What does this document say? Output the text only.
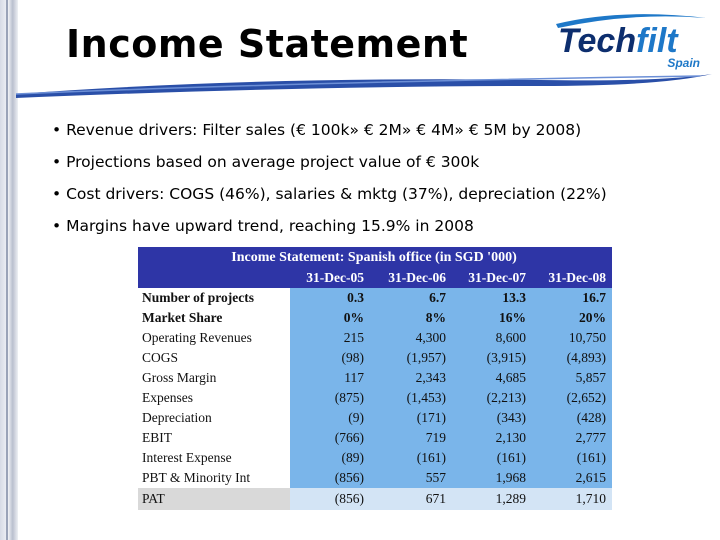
Income Statement	Techfilt
Spain
• Revenue drivers: Filter sales (€ 100k» € 2M» € 4M» € 5M by 2008)
• Projections based on average project value of € 300k
• Cost drivers: COGS (46%), salaries & mktg (37%), depreciation (22%)
• Margins have upward trend, reaching 15.9% in 2008
Income Statement: Spanish office (in SGD '000)				
	31-Dec-05	31-Dec-06	31-Dec-07	31-Dec-08
Number of projects	0.3	6.7	13.3	16.7
Market Share	0%	8%	16%	20%
Operating Revenues	215	4,300	8,600	10,750
COGS	(98)	(1,957)	(3,915)	(4,893)
Gross Margin	117	2,343	4,685	5,857
Expenses	(875)	(1,453)	(2,213)	(2,652)
Depreciation	(9)	(171)	(343)	(428)
EBIT	(766)	719	2,130	2,777
Interest Expense	(89)	(161)	(161)	(161)
PBT & Minority Int	(856)	557	1,968	2,615
PAT	(856)	671	1,289	1,710
